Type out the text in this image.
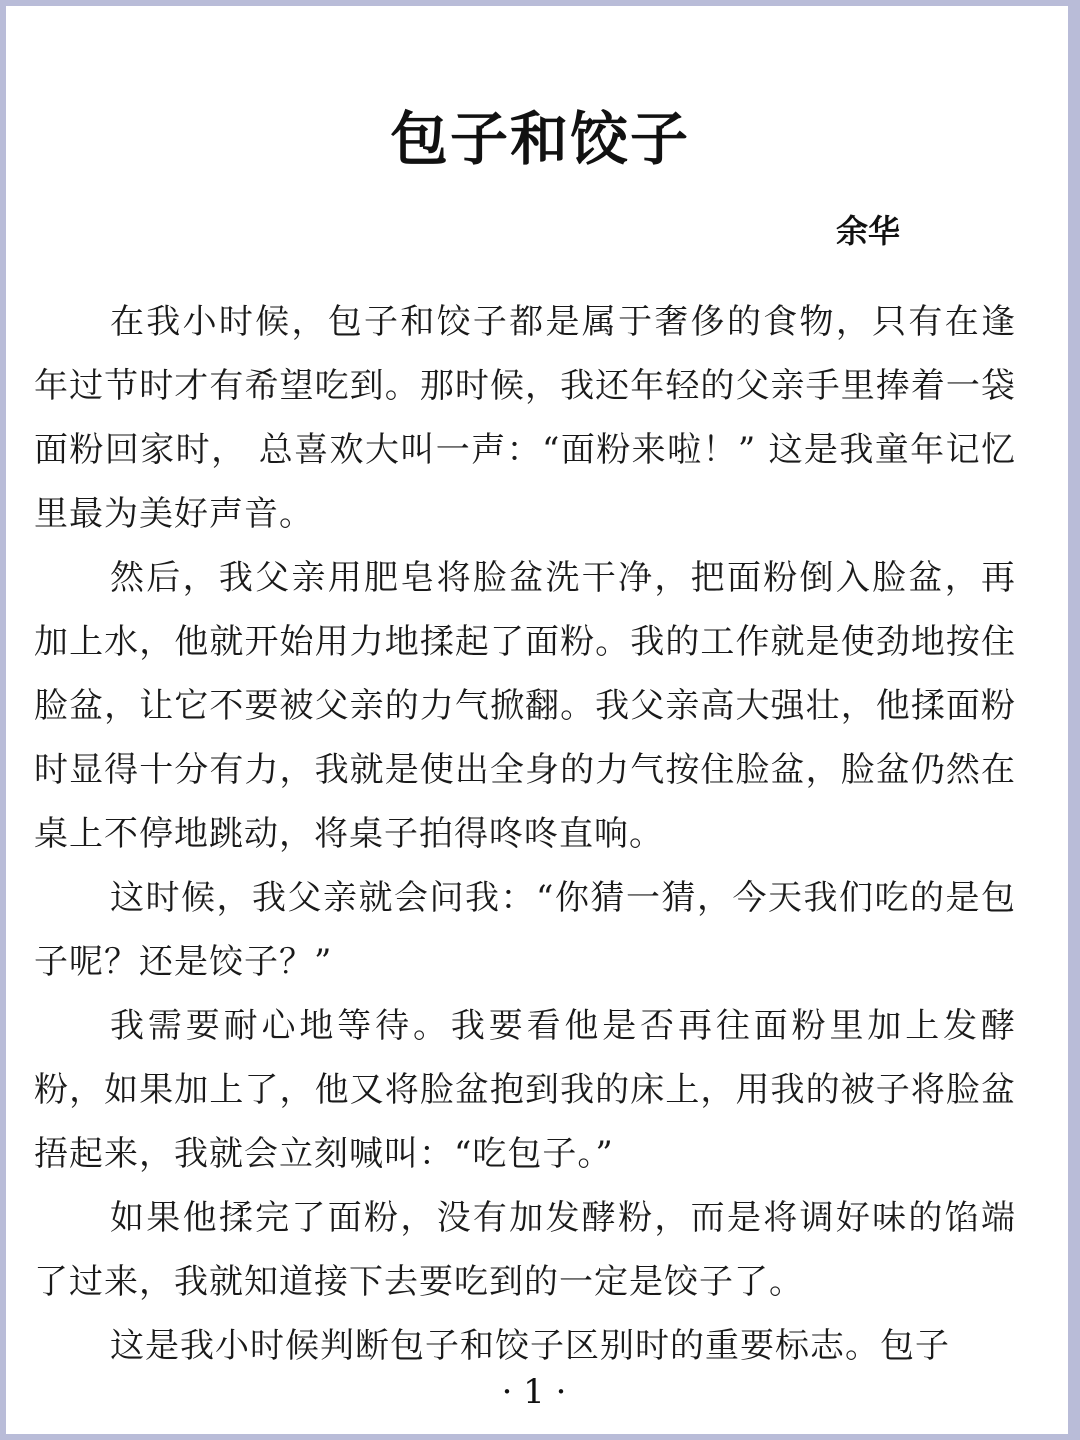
包子和饺子
余华

在我小时候，包子和饺子都是属于奢侈的食物，只有在逢年过节时才有希望吃到。那时候，我还年轻的父亲手里捧着一袋面粉回家时， 总喜欢大叫一声：“面粉来啦！” 这是我童年记忆里最为美好声音。

然后，我父亲用肥皂将脸盆洗干净，把面粉倒入脸盆，再加上水，他就开始用力地揉起了面粉。我的工作就是使劲地按住脸盆，让它不要被父亲的力气掀翻。我父亲高大强壮，他揉面粉时显得十分有力，我就是使出全身的力气按住脸盆，脸盆仍然在桌上不停地跳动，将桌子拍得咚咚直响。

这时候，我父亲就会问我：“你猜一猜，今天我们吃的是包子呢？还是饺子？”

我需要耐心地等待。我要看他是否再往面粉里加上发酵粉，如果加上了，他又将脸盆抱到我的床上，用我的被子将脸盆捂起来，我就会立刻喊叫：“吃包子。”

如果他揉完了面粉，没有加发酵粉，而是将调好味的馅端了过来，我就知道接下去要吃到的一定是饺子了。

这是我小时候判断包子和饺子区别时的重要标志。包子

· 1 ·
